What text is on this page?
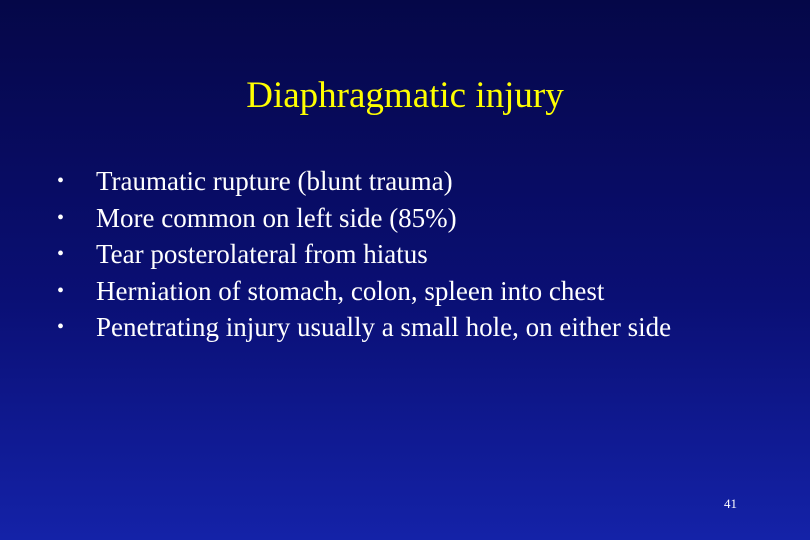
Diaphragmatic injury
• Traumatic rupture (blunt trauma)
• More common on left side (85%)
• Tear posterolateral from hiatus
• Herniation of stomach, colon, spleen into chest
• Penetrating injury usually a small hole, on either side
41
